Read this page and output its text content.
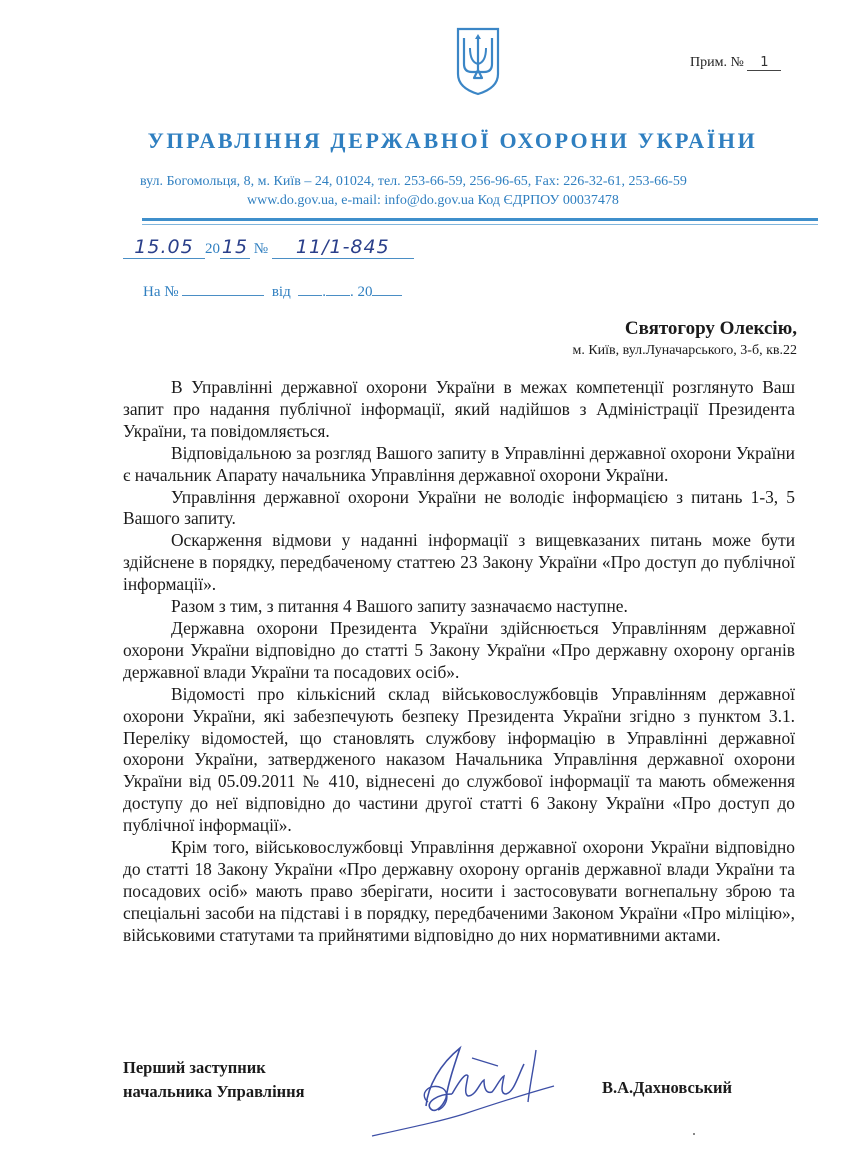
Прим. № 1
УПРАВЛІННЯ ДЕРЖАВНОЇ ОХОРОНИ УКРАЇНИ
вул. Богомольця, 8, м. Київ – 24, 01024, тел. 253-66-59, 256-96-65, Fax: 226-32-61, 253-66-59
www.do.gov.ua, e-mail: info@do.gov.ua Код ЄДРПОУ 00037478
15.05 20 15 № 11/1-845
На №	від . . 20
Святогору Олексію,
м. Київ, вул.Луначарського, 3-б, кв.22

В Управлінні державної охорони України в межах компетенції розглянуто Ваш запит про надання публічної інформації, який надійшов з Адміністрації Президента України, та повідомляється.

Відповідальною за розгляд Вашого запиту в Управлінні державної охорони України є начальник Апарату начальника Управління державної охорони України.

Управління державної охорони України не володіє інформацією з питань 1-3, 5 Вашого запиту.

Оскарження відмови у наданні інформації з вищевказаних питань може бути здійснене в порядку, передбаченому статтею 23 Закону України «Про доступ до публічної інформації».

Разом з тим, з питання 4 Вашого запиту зазначаємо наступне.

Державна охорони Президента України здійснюється Управлінням державної охорони України відповідно до статті 5 Закону України «Про державну охорону органів державної влади України та посадових осіб».

Відомості про кількісний склад військовослужбовців Управлінням державної охорони України, які забезпечують безпеку Президента України згідно з пунктом 3.1. Переліку відомостей, що становлять службову інформацію в Управлінні державної охорони України, затвердженого наказом Начальника Управління державної охорони України від 05.09.2011 № 410, віднесені до службової інформації та мають обмеження доступу до неї відповідно до частини другої статті 6 Закону України «Про доступ до публічної інформації».

Крім того, військовослужбовці Управління державної охорони України відповідно до статті 18 Закону України «Про державну охорону органів державної влади України та посадових осіб» мають право зберігати, носити і застосовувати вогнепальну зброю та спеціальні засоби на підставі і в порядку, передбаченими Законом України «Про міліцію», військовими статутами та прийнятими відповідно до них нормативними актами.

Перший заступник
начальника Управління	В.А.Дахновський
